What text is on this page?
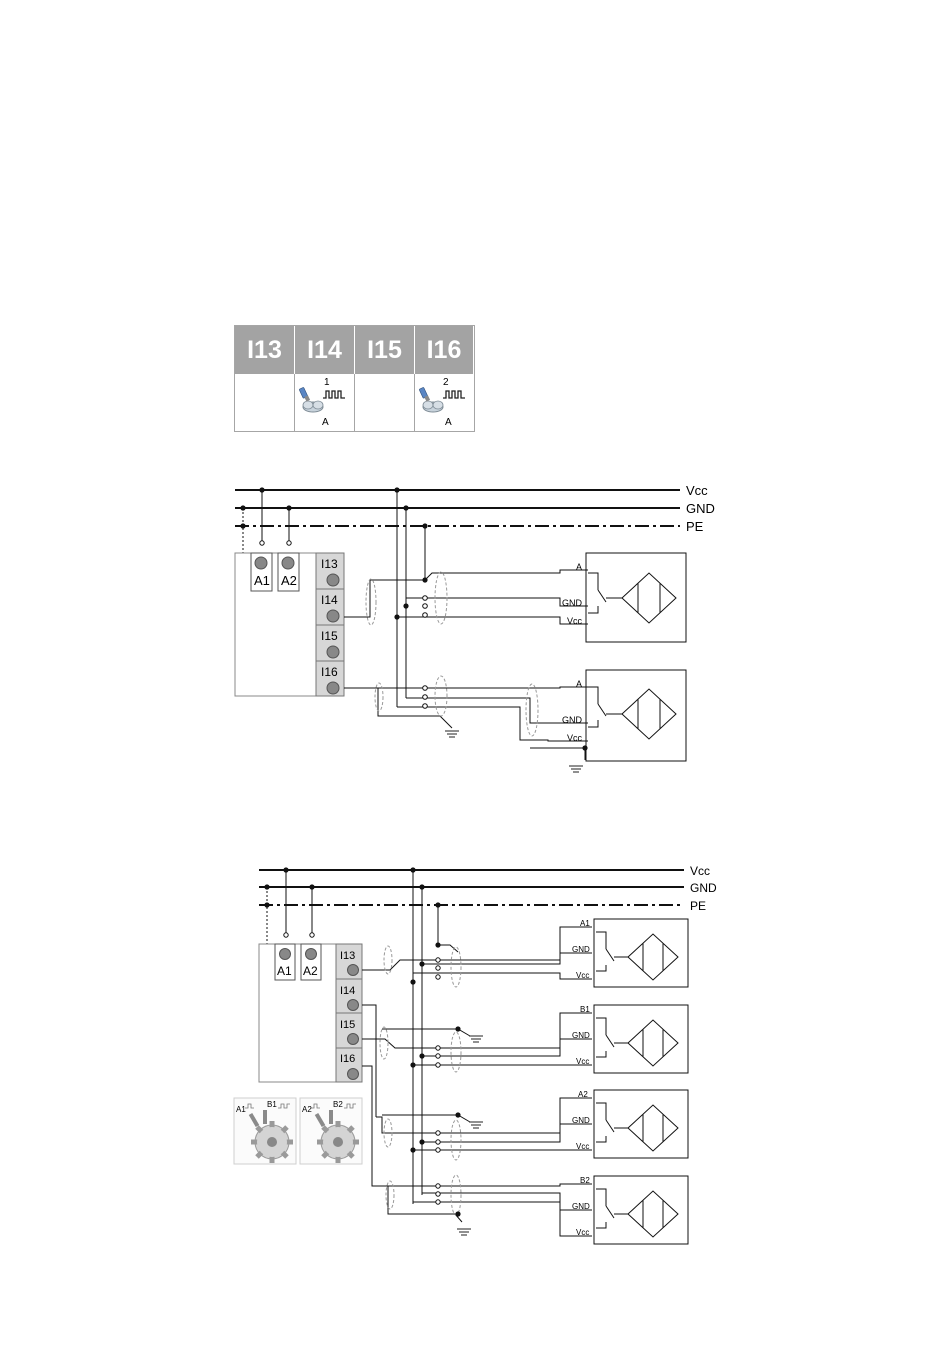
I13	I14	I15 I16
1
A
2
A
Vcc
GND
PE
A1 A2
I13
I14
I15
I16
A
GND
Vcc
A
GND
Vcc
Vcc
GND
PE
A1 A2
I13
I14
I15
I16
A1
GND
Vcc
B1
GND
Vcc
A2
GND
Vcc
B2
GND
Vcc
A1
B1
A2
B2
